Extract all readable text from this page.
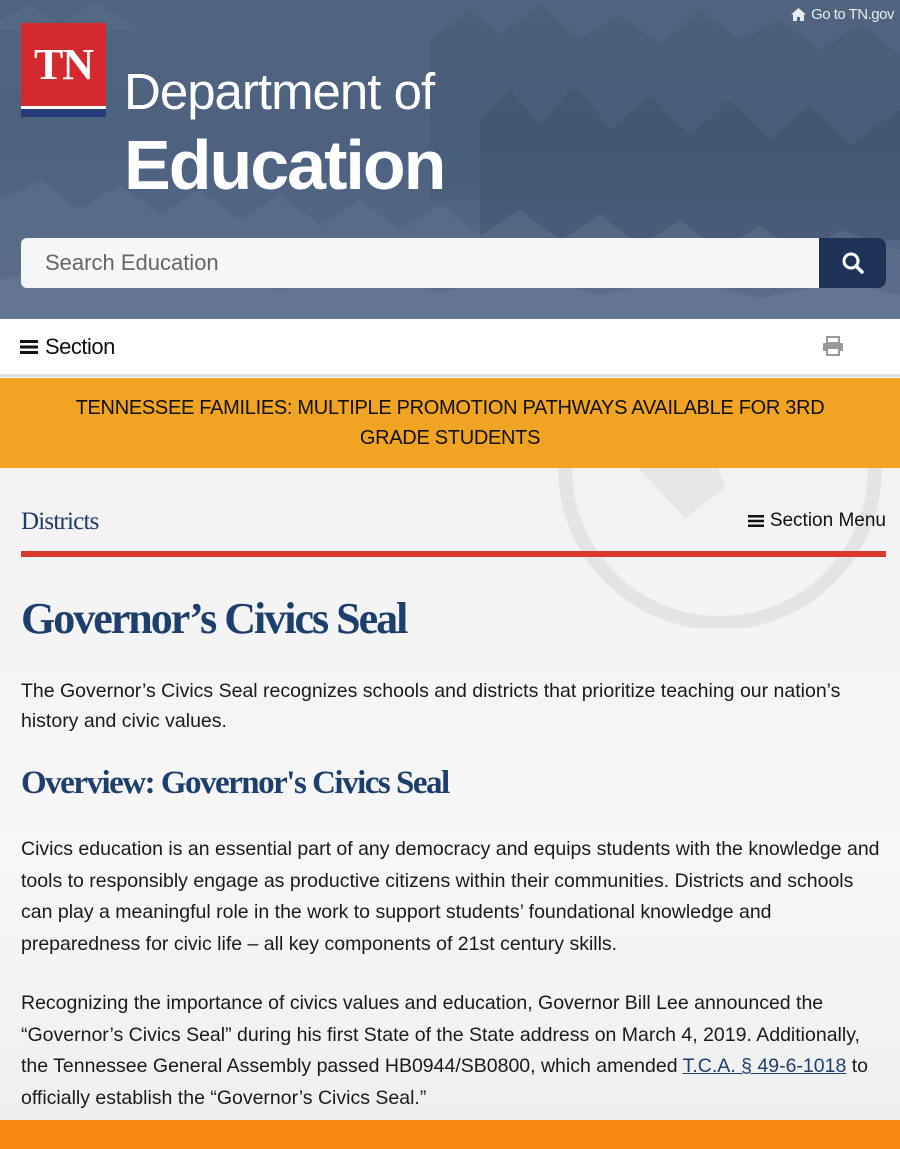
Go to TN.gov
TN Department of
Education
Search Education
Section
TENNESSEE FAMILIES: MULTIPLE PROMOTION PATHWAYS AVAILABLE FOR 3RD GRADE STUDENTS
Districts	Section Menu
Governor’s Civics Seal

The Governor’s Civics Seal recognizes schools and districts that prioritize teaching our nation’s history and civic values.

Overview: Governor's Civics Seal

Civics education is an essential part of any democracy and equips students with the knowledge and tools to responsibly engage as productive citizens within their communities. Districts and schools can play a meaningful role in the work to support students’ foundational knowledge and preparedness for civic life – all key components of 21st century skills.

Recognizing the importance of civics values and education, Governor Bill Lee announced the “Governor’s Civics Seal” during his first State of the State address on March 4, 2019. Additionally, the Tennessee General Assembly passed HB0944/SB0800, which amended T.C.A. § 49-6-1018 to officially establish the “Governor’s Civics Seal.”
